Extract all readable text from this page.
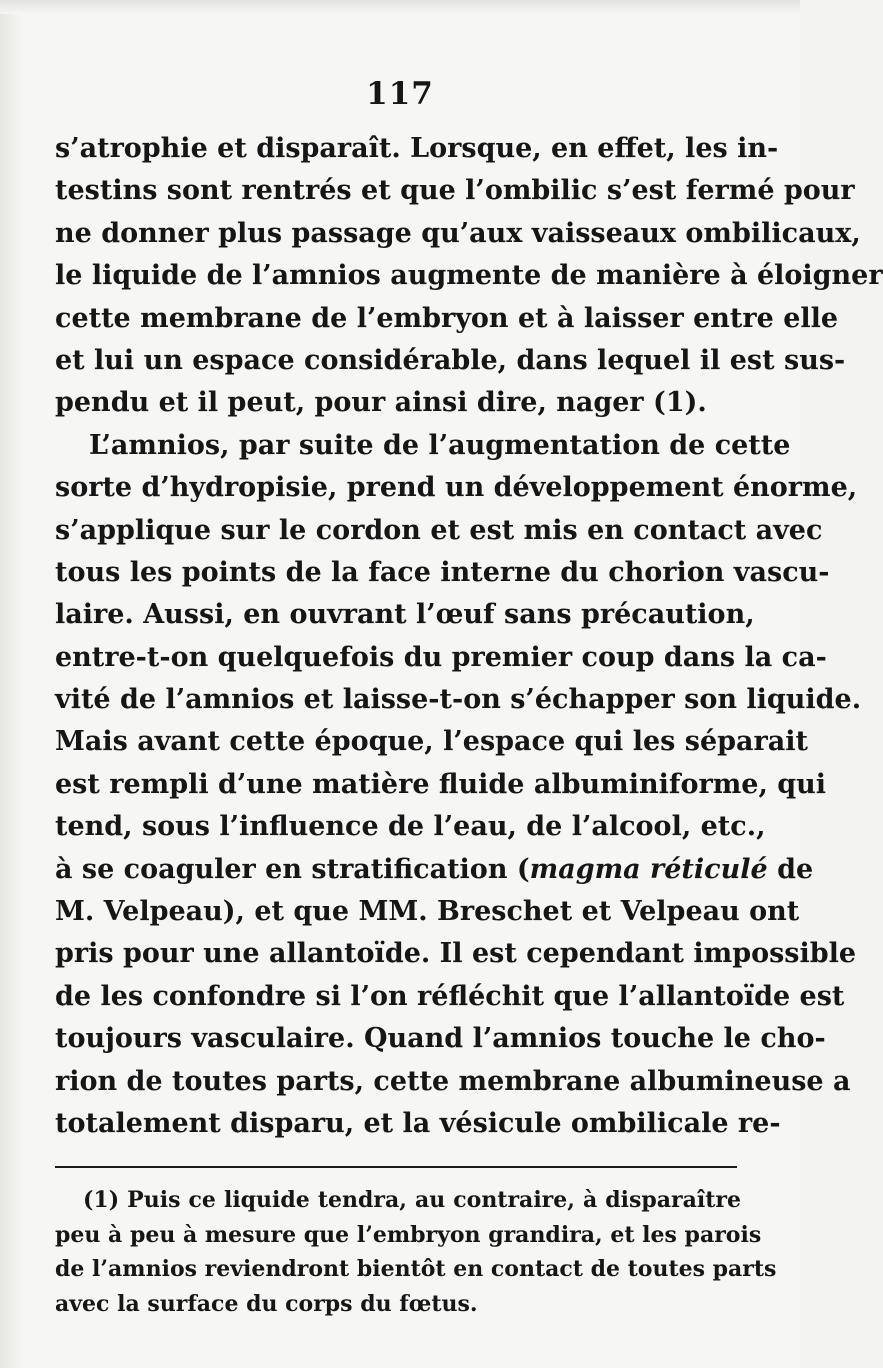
117
s’atrophie et disparaît. Lorsque, en effet, les in-
testins sont rentrés et que l’ombilic s’est fermé pour
ne donner plus passage qu’aux vaisseaux ombilicaux,
le liquide de l’amnios augmente de manière à éloigner
cette membrane de l’embryon et à laisser entre elle
et lui un espace considérable, dans lequel il est sus-
pendu et il peut, pour ainsi dire, nager (1).
L’amnios, par suite de l’augmentation de cette
sorte d’hydropisie, prend un développement énorme,
s’applique sur le cordon et est mis en contact avec
tous les points de la face interne du chorion vascu-
laire. Aussi, en ouvrant l’œuf sans précaution,
entre-t-on quelquefois du premier coup dans la ca-
vité de l’amnios et laisse-t-on s’échapper son liquide.
Mais avant cette époque, l’espace qui les séparait
est rempli d’une matière fluide albuminiforme, qui
tend, sous l’influence de l’eau, de l’alcool, etc.,
à se coaguler en stratification (magma réticulé de
M. Velpeau), et que MM. Breschet et Velpeau ont
pris pour une allantoïde. Il est cependant impossible
de les confondre si l’on réfléchit que l’allantoïde est
toujours vasculaire. Quand l’amnios touche le cho-
rion de toutes parts, cette membrane albumineuse a
totalement disparu, et la vésicule ombilicale re-
(1) Puis ce liquide tendra, au contraire, à disparaître
peu à peu à mesure que l’embryon grandira, et les parois
de l’amnios reviendront bientôt en contact de toutes parts
avec la surface du corps du fœtus.
